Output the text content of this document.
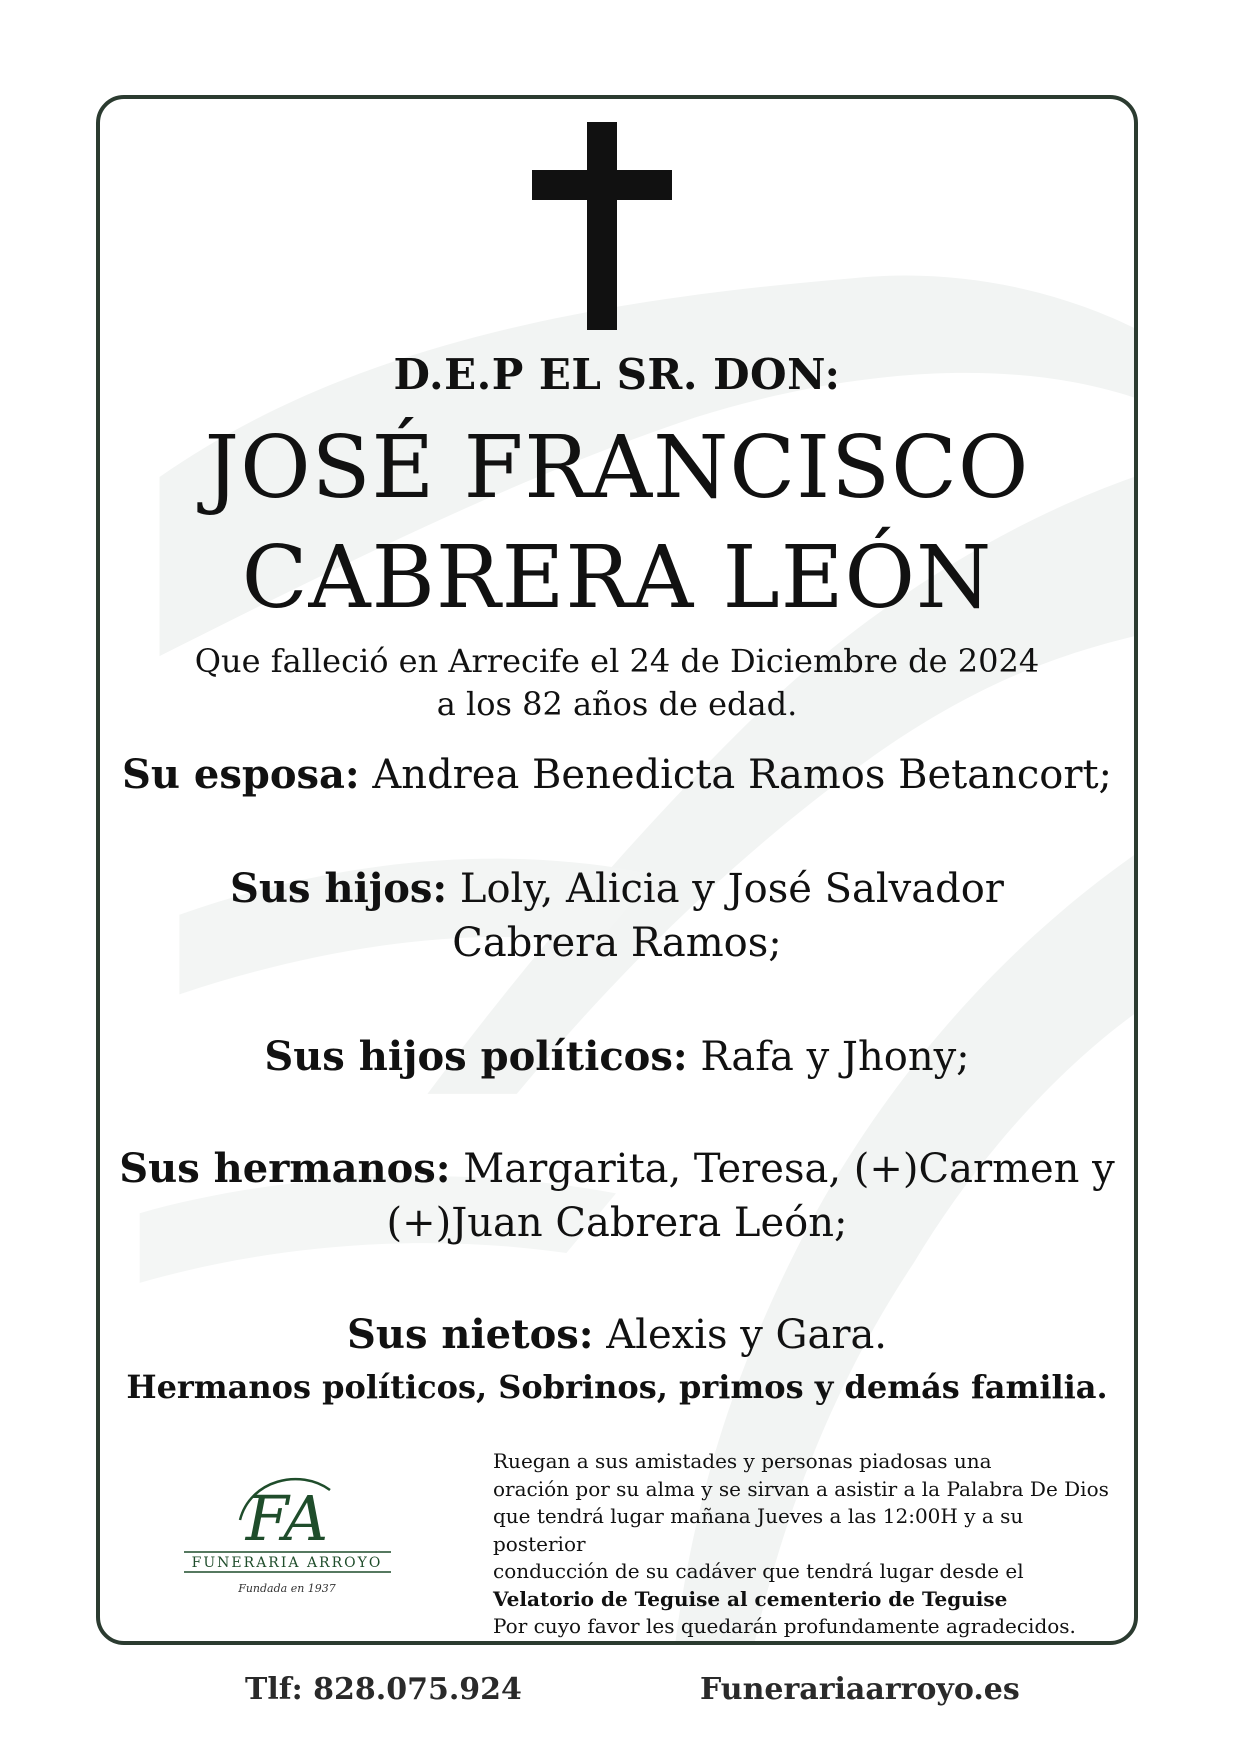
D.E.P EL SR. DON:
JOSÉ FRANCISCO
CABRERA LEÓN
Que falleció en Arrecife el 24 de Diciembre de 2024
a los 82 años de edad.
Su esposa: Andrea Benedicta Ramos Betancort;
Sus hijos: Loly, Alicia y José Salvador
Cabrera Ramos;
Sus hijos políticos: Rafa y Jhony;
Sus hermanos: Margarita, Teresa, (+)Carmen y
(+)Juan Cabrera León;
Sus nietos: Alexis y Gara.
Hermanos políticos, Sobrinos, primos y demás familia.
FA
FUNERARIA ARROYO
Fundada en 1937
Ruegan a sus amistades y personas piadosas una
oración por su alma y se sirvan a asistir a la Palabra De Dios
que tendrá lugar mañana Jueves a las 12:00H y a su posterior
conducción de su cadáver que tendrá lugar desde el
Velatorio de Teguise al cementerio de Teguise
Por cuyo favor les quedarán profundamente agradecidos.
Tlf: 828.075.924	Funerariaarroyo.es
